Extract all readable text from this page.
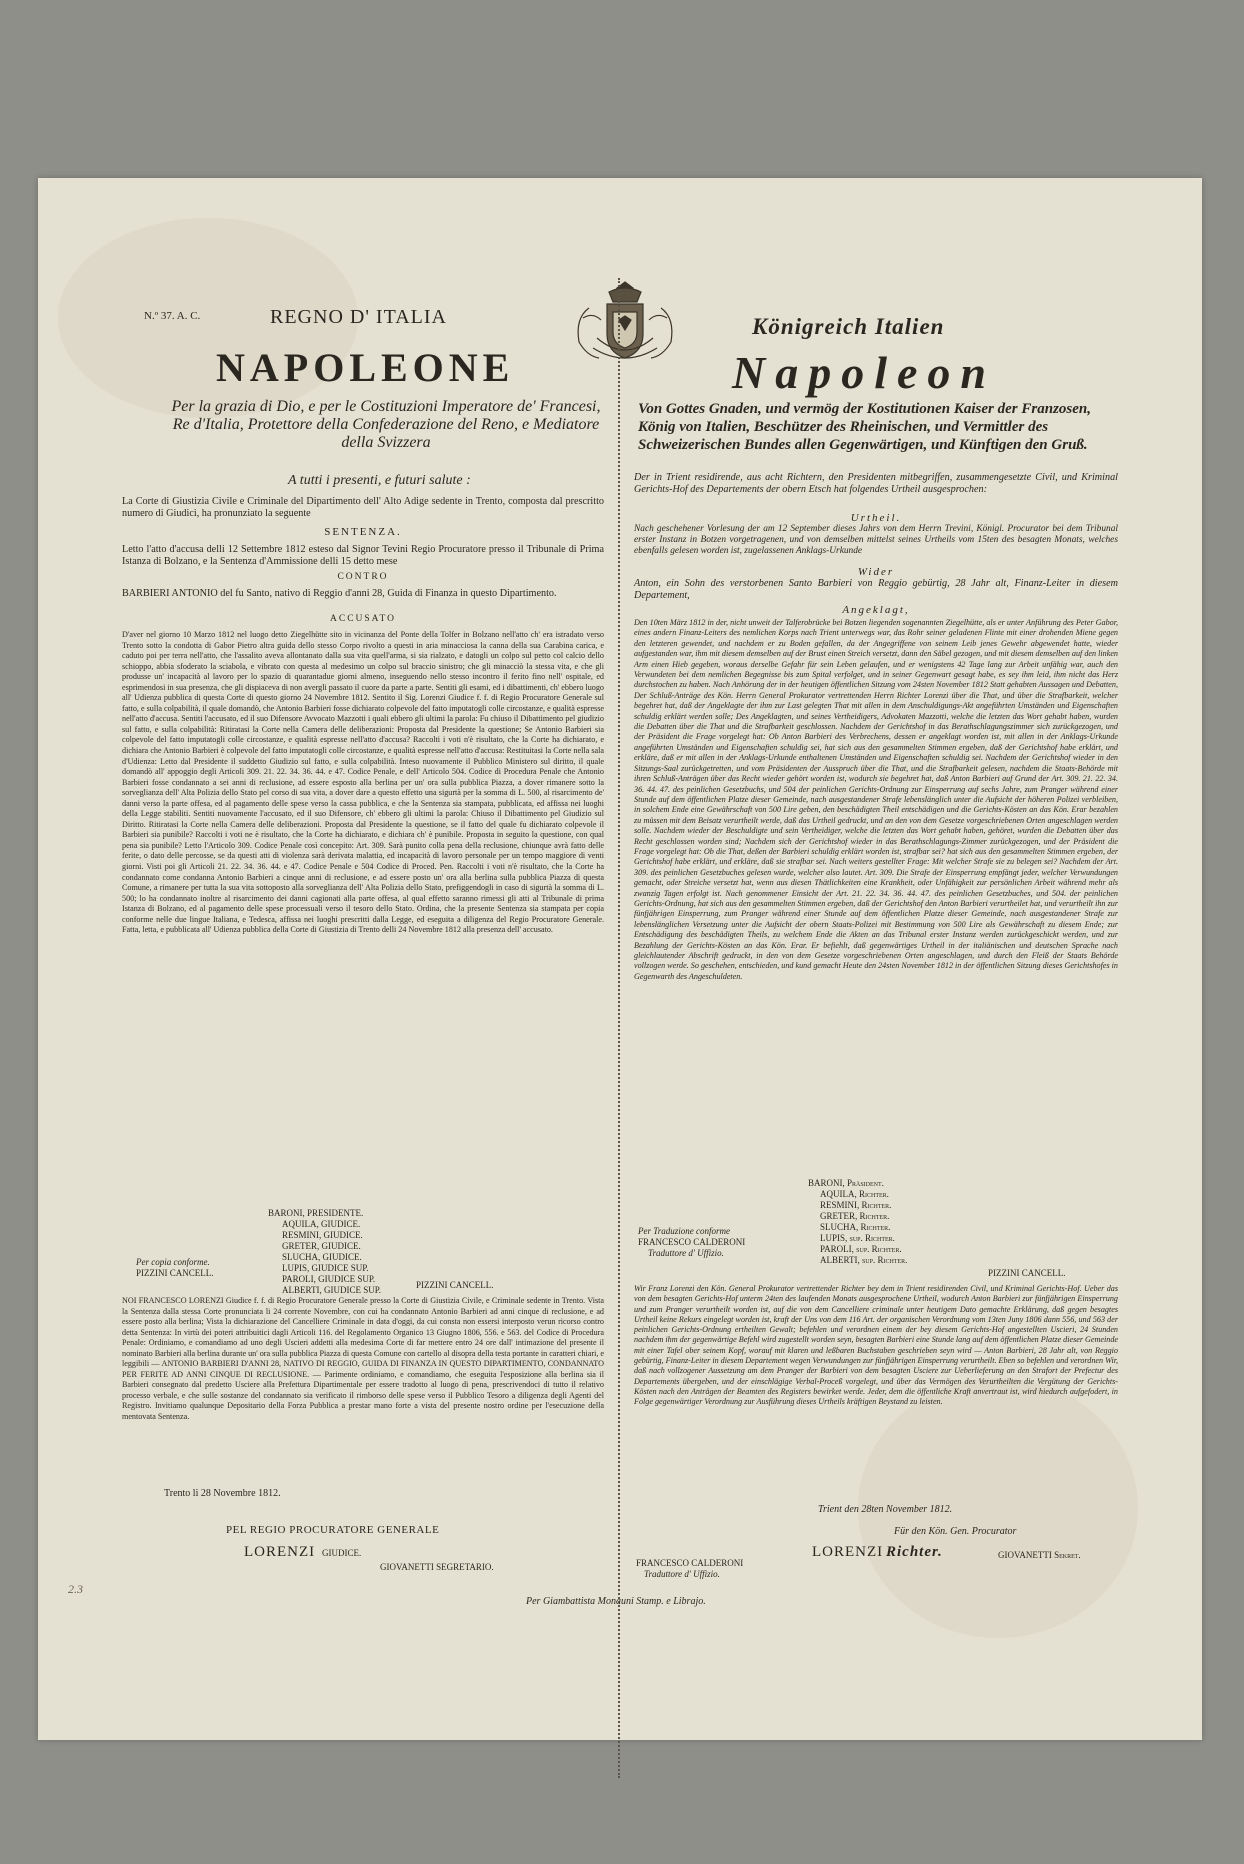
N.º 37. A. C.	REGNO D' ITALIA
NAPOLEONE
Per la grazia di Dio, e per le Costituzioni Imperatore de' Francesi, Re d'Italia, Protettore della Confederazione del Reno, e Mediatore della Svizzera
A tutti i presenti, e futuri salute :
Königreich Italien
Napoleon
Von Gottes Gnaden, und vermög der Kostitutionen Kaiser der Franzosen, König von Italien, Beschützer des Rheinischen, und Vermittler des Schweizerischen Bundes allen Gegenwärtigen, und Künftigen den Gruß.
La Corte di Giustizia Civile e Criminale del Dipartimento dell' Alto Adige sedente in Trento, composta dal prescritto numero di Giudici, ha pronunziato la seguente
SENTENZA.
Letto l'atto d'accusa delli 12 Settembre 1812 esteso dal Signor Tevini Regio Procuratore presso il Tribunale di Prima Istanza di Bolzano, e la Sentenza d'Ammissione delli 15 detto mese
CONTRO
BARBIERI ANTONIO del fu Santo, nativo di Reggio d'anni 28, Guida di Finanza in questo Dipartimento.
ACCUSATO
D'aver nel giorno 10 Marzo 1812 nel luogo detto Ziegelhütte sito in vicinanza del Ponte della Tolfer in Bolzano nell'atto ch' era istradato verso Trento sotto la condotta di Gabor Pietro altra guida dello stesso Corpo rivolto a questi in aria minacciosa la canna della sua Carabina carica, e caduto poi per terra nell'atto, che l'assalito aveva allontanato dalla sua vita quell'arma, si sia rialzato, e datogli un colpo sul petto col calcio dello schioppo, abbia sfoderato la sciabola, e vibrato con questa al medesimo un colpo sul braccio sinistro; che gli minacciò la stessa vita, e che gli produsse un' incapacità al lavoro per lo spazio di quarantadue giorni almeno, inseguendo nello stesso incontro il ferito fino nell' ospitale, ed esprimendosi in sua presenza, che gli dispiaceva di non avergli passato il cuore da parte a parte. Sentiti gli esami, ed i dibattimenti, ch' ebbero luogo all' Udienza pubblica di questa Corte di questo giorno 24 Novembre 1812. Sentito il Sig. Lorenzi Giudice f. f. di Regio Procuratore Generale sul fatto, e sulla colpabilità, il quale domandò, che Antonio Barbieri fosse dichiarato colpevole del fatto imputatogli colle circostanze, e qualità espresse nell'atto d'accusa. Sentiti l'accusato, ed il suo Difensore Avvocato Mazzotti i quali ebbero gli ultimi la parola: Fu chiuso il Dibattimento pel giudizio sul fatto, e sulla colpabilità: Ritiratasi la Corte nella Camera delle deliberazioni: Proposta dal Presidente la questione; Se Antonio Barbieri sia colpevole del fatto imputatogli colle circostanze, e qualità espresse nell'atto d'accusa? Raccolti i voti n'è risultato, che la Corte ha dichiarato, e dichiara che Antonio Barbieri è colpevole del fatto imputatogli colle circostanze, e qualità espresse nell'atto d'accusa: Restituitasi la Corte nella sala d'Udienza: Letto dal Presidente il suddetto Giudizio sul fatto, e sulla colpabilità. Inteso nuovamente il Pubblico Ministero sul diritto, il quale domandò all' appoggio degli Articoli 309. 21. 22. 34. 36. 44. e 47. Codice Penale, e dell' Articolo 504. Codice di Procedura Penale che Antonio Barbieri fosse condannato a sei anni di reclusione, ad essere esposto alla berlina per un' ora sulla pubblica Piazza, a dover rimanere sotto la sorveglianza dell' Alta Polizia dello Stato pel corso di sua vita, a dover dare a questo effetto una sigurtà per la somma di L. 500, al risarcimento de' danni verso la parte offesa, ed al pagamento delle spese verso la cassa pubblica, e che la Sentenza sia stampata, pubblicata, ed affissa nei luoghi della Legge stabiliti. Sentiti nuovamente l'accusato, ed il suo Difensore, ch' ebbero gli ultimi la parola: Chiuso il Dibattimento pel Giudizio sul Diritto. Ritiratasi la Corte nella Camera delle deliberazioni. Proposta dal Presidente la questione, se il fatto del quale fu dichiarato colpevole il Barbieri sia punibile? Raccolti i voti ne è risultato, che la Corte ha dichiarato, e dichiara ch' è punibile. Proposta in seguito la questione, con qual pena sia punibile? Letto l'Articolo 309. Codice Penale così concepito: Art. 309. Sarà punito colla pena della reclusione, chiunque avrà fatto delle ferite, o dato delle percosse, se da questi atti di violenza sarà derivata malattia, ed incapacità di lavoro personale per un tempo maggiore di venti giorni. Visti poi gli Articoli 21. 22. 34. 36. 44. e 47. Codice Penale e 504 Codice di Proced. Pen. Raccolti i voti n'è risultato, che la Corte ha condannato come condanna Antonio Barbieri a cinque anni di reclusione, e ad essere posto un' ora alla berlina sulla pubblica Piazza di questa Comune, a rimanere per tutta la sua vita sottoposto alla sorveglianza dell' Alta Polizia dello Stato, prefiggendogli in caso di sigurtà la somma di L. 500; lo ha condannato inoltre al risarcimento dei danni cagionati alla parte offesa, al qual effetto saranno rimessi gli atti al Tribunale di prima Istanza di Bolzano, ed al pagamento delle spese processuali verso il tesoro dello Stato. Ordina, che la presente Sentenza sia stampata per copia conforme nelle due lingue Italiana, e Tedesca, affissa nei luoghi prescritti dalla Legge, ed eseguita a diligenza del Regio Procuratore Generale. Fatta, letta, e pubblicata all' Udienza pubblica della Corte di Giustizia di Trento delli 24 Novembre 1812 alla presenza dell' accusato.
BARONI, PRESIDENTE.
AQUILA, GIUDICE.
RESMINI, GIUDICE.
GRETER, GIUDICE.
SLUCHA, GIUDICE.
LUPIS, GIUDICE SUP.
PAROLI, GIUDICE SUP.
ALBERTI, GIUDICE SUP.
Per copia conforme.
PIZZINI CANCELL.
PIZZINI CANCELL.
NOI FRANCESCO LORENZI Giudice f. f. di Regio Procuratore Generale presso la Corte di Giustizia Civile, e Criminale sedente in Trento. Vista la Sentenza dalla stessa Corte pronunciata li 24 corrente Novembre, con cui ha condannato Antonio Barbieri ad anni cinque di reclusione, e ad essere posto alla berlina; Vista la dichiarazione del Cancelliere Criminale in data d'oggi, da cui consta non essersi interposto verun ricorso contro detta Sentenza: In virtù dei poteri attribuitici dagli Articoli 116. del Regolamento Organico 13 Giugno 1806, 556. e 563. del Codice di Procedura Penale: Ordiniamo, e comandiamo ad uno degli Uscieri addetti alla medesima Corte di far mettere entro 24 ore dall' intimazione del presente il nominato Barbieri alla berlina durante un' ora sulla pubblica Piazza di questa Comune con cartello al disopra della testa portante in caratteri chiari, e leggibili — ANTONIO BARBIERI D'ANNI 28, NATIVO DI REGGIO, GUIDA DI FINANZA IN QUESTO DIPARTIMENTO, CONDANNATO PER FERITE AD ANNI CINQUE DI RECLUSIONE. — Parimente ordiniamo, e comandiamo, che eseguita l'esposizione alla berlina sia il Barbieri consegnato dal predetto Usciere alla Prefettura Dipartimentale per essere tradotto al luogo di pena, prescrivendoci di tutto il relativo processo verbale, e che sulle sostanze del condannato sia verificato il rimborso delle spese verso il Pubblico Tesoro a diligenza degli Agenti del Registro. Invitiamo qualunque Depositario della Forza Pubblica a prestar mano forte a vista del presente nostro ordine per l'esecuzione della mentovata Sentenza.
Trento li 28 Novembre 1812.
PEL REGIO PROCURATORE GENERALE
LORENZI GIUDICE.
GIOVANETTI SEGRETARIO.
Der in Trient residirende, aus acht Richtern, den Presidenten mitbegriffen, zusammengesetzte Civil, und Kriminal Gerichts-Hof des Departements der obern Etsch hat folgendes Urtheil ausgesprochen:
Urtheil.
Nach geschehener Vorlesung der am 12 September dieses Jahrs von dem Herrn Trevini, Königl. Procurator bei dem Tribunal erster Instanz in Botzen vorgetragenen, und von demselben mittelst seines Urtheils vom 15ten des besagten Monats, welches ebenfalls gelesen worden ist, zugelassenen Anklags-Urkunde
Wider
Anton, ein Sohn des verstorbenen Santo Barbieri von Reggio gebürtig, 28 Jahr alt, Finanz-Leiter in diesem Departement,
Angeklagt,
Den 10ten März 1812 in der, nicht unweit der Talferobrücke bei Botzen liegenden sogenannten Ziegelhütte, als er unter Anführung des Peter Gabor, eines andern Finanz-Leiters des nemlichen Korps nach Trient unterwegs war, das Rohr seiner geladenen Flinte mit einer drohenden Miene gegen den letzteren gewendet, und nachdem er zu Boden gefallen, da der Angegriffene von seinem Leib jenes Gewehr abgewendet hatte, wieder aufgestanden war, ihm mit diesem demselben auf der Brust einen Streich versetzt, dann den Säbel gezogen, und mit diesem demselben auf den linken Arm einen Hieb gegeben, woraus derselbe Gefahr für sein Leben gelaufen, und er wenigstens 42 Tage lang zur Arbeit unfähig war, auch den Verwundeten bei dem nemlichen Begegnisse bis zum Spital verfolget, und in seiner Gegenwart gesagt habe, es sey ihm leid, ihm nicht das Herz durchstochen zu haben. Nach Anhörung der in der heutigen öffentlichen Sitzung vom 24sten November 1812 Statt gehabten Aussagen und Debatten, Der Schluß-Anträge des Kön. Herrn General Prokurator vertrettenden Herrn Richter Lorenzi über die That, und über die Strafbarkeit, welcher begehret hat, daß der Angeklagte der ihm zur Last gelegten That mit allen in dem Anschuldigungs-Akt angeführten Umständen und Eigenschaften schuldig erklärt werden solle; Des Angeklagten, und seines Vertheidigers, Advokaten Mazzotti, welche die letzten das Wort gehabt haben, wurden die Debatten über die That und die Strafbarkeit geschlossen. Nachdem der Gerichtshof in das Berathschlagungszimmer sich zurückgezogen, und der Präsident die Frage vorgelegt hat: Ob Anton Barbieri des Verbrechens, dessen er angeklagt worden ist, mit allen in der Anklags-Urkunde angeführten Umständen und Eigenschaften schuldig sei, hat sich aus den gesammelten Stimmen ergeben, daß der Gerichtshof habe erklärt, und erkläre, daß er mit allen in der Anklags-Urkunde enthaltenen Umständen und Eigenschaften schuldig sei. Nachdem der Gerichtshof wieder in den Sitzungs-Saal zurückgetretten, und vom Präsidenten der Ausspruch über die That, und die Strafbarkeit gelesen, nachdem die Staats-Behörde mit ihren Schluß-Anträgen über das Recht wieder gehört worden ist, wodurch sie begehret hat, daß Anton Barbieri auf Grund der Art. 309. 21. 22. 34. 36. 44. 47. des peinlichen Gesetzbuchs, und 504 der peinlichen Gerichts-Ordnung zur Einsperrung auf sechs Jahre, zum Pranger während einer Stunde auf dem öffentlichen Platze dieser Gemeinde, nach ausgestandener Strafe lebenslänglich unter die Aufsicht der höheren Polizei verbleiben, in solchem Ende eine Gewährschaft von 500 Lire geben, den beschädigten Theil entschädigen und die Gerichts-Kösten an das Kön. Erar bezahlen zu müssen mit dem Beisatz verurtheilt werde, daß das Urtheil gedruckt, und an den von dem Gesetze vorgeschriebenen Orten angeschlagen werden solle. Nachdem wieder der Beschuldigte und sein Vertheidiger, welche die letzten das Wort gehabt haben, gehöret, wurden die Debatten über das Recht geschlossen worden sind; Nachdem sich der Gerichtshof wieder in das Berathschlagungs-Zimmer zurückgezogen, und der Präsident die Frage vorgelegt hat: Ob die That, deßen der Barbieri schuldig erklärt worden ist, strafbar sei? hat sich aus den gesammelten Stimmen ergeben, der Gerichtshof habe erklärt, und erkläre, daß sie strafbar sei. Nach weiters gestellter Frage: Mit welcher Strafe sie zu belegen sei? Nachdem der Art. 309. des peinlichen Gesetzbuches gelesen wurde, welcher also lautet. Art. 309. Die Strafe der Einsperrung empfängt jeder, welcher Verwundungen gemacht, oder Streiche versetzt hat, wenn aus diesen Thätlichkeiten eine Krankheit, oder Unfähigkeit zur persönlichen Arbeit während mehr als zwanzig Tagen erfolgt ist. Nach genommener Einsicht der Art. 21. 22. 34. 36. 44. 47. des peinlichen Gesetzbuches, und 504. der peinlichen Gerichts-Ordnung, hat sich aus den gesammelten Stimmen ergeben, daß der Gerichtshof den Anton Barbieri verurtheilet hat, und verurtheilt ihn zur fünfjährigen Einsperrung, zum Pranger während einer Stunde auf dem öffentlichen Platze dieser Gemeinde, nach ausgestandener Strafe zur lebenslänglichen Versetzung unter die Aufsicht der obern Staats-Polizei mit Bestimmung von 500 Lire als Gewährschaft zu diesem Ende; zur Entschädigung des beschädigten Theils, zu welchem Ende die Akten an das Tribunal erster Instanz werden zurückgeschickt werden, und zur Bezahlung der Gerichts-Kösten an das Kön. Erar. Er befiehlt, daß gegenwärtiges Urtheil in der italiänischen und deutschen Sprache nach gleichlautender Abschrift gedruckt, in den von dem Gesetze vorgeschriebenen Orten angeschlagen, und durch den Fleiß der Staats Behörde vollzogen werde. So geschehen, entschieden, und kund gemacht Heute den 24sten November 1812 in der öffentlichen Sitzung dieses Gerichtshofes in Gegenwarth des Angeschuldeten.
BARONI, Präsident.
AQUILA, Richter.
RESMINI, Richter.
GRETER, Richter.
SLUCHA, Richter.
LUPIS, sup. Richter.
PAROLI, sup. Richter.
ALBERTI, sup. Richter.
Per Traduzione conforme
FRANCESCO CALDERONI
Traduttore d' Uffizio.
PIZZINI CANCELL.
Wir Franz Lorenzi den Kön. General Prokurator vertrettender Richter bey dem in Trient residirenden Civil, und Kriminal Gerichts-Hof. Ueber das von dem besagten Gerichts-Hof unterm 24ten des laufenden Monats ausgesprochene Urtheil, wodurch Anton Barbieri zur fünfjährigen Einsperrung und zum Pranger verurtheilt worden ist, auf die von dem Cancelliere criminale unter heutigem Dato gemachte Erklärung, daß gegen besagtes Urtheil keine Rekurs eingelegt worden ist, kraft der Uns von dem 116 Art. der organischen Verordnung vom 13ten Juny 1806 dann 556, und 563 der peinlichen Gerichts-Ordnung ertheilten Gewalt; befehlen und verordnen einem der bey diesem Gerichts-Hof angestellten Uscieri, 24 Stunden nachdem ihm der gegenwärtige Befehl wird zugestellt worden seyn, besagten Barbieri eine Stunde lang auf dem öffentlichen Platze dieser Gemeinde mit einer Tafel ober seinem Kopf, worauf mit klaren und leßbaren Buchstaben geschrieben seyn wird — Anton Barbieri, 28 Jahr alt, von Reggio gebürtig, Finanz-Leiter in diesem Departement wegen Verwundungen zur fünfjährigen Einsperrung verurtheilt. Eben so befehlen und verordnen Wir, daß nach vollzogener Aussetzung am dem Pranger der Barbieri von dem besagten Usciere zur Ueberlieferung an den Strafort der Prefectur des Departements übergeben, und der einschlägige Verbal-Proceß vorgelegt, und über das Vermögen des Verurtheilten die Vergütung der Gerichts-Kösten nach den Anträgen der Beamten des Registers bewirket werde. Jeder, dem die öffentliche Kraft anvertraut ist, wird hiedurch aufgefodert, in Folge gegenwärtiger Verordnung zur Ausführung dieses Urtheils kräftigen Beystand zu leisten.
Trient den 28ten November 1812.
Für den Kön. Gen. Procurator
LORENZI Richter.	GIOVANETTI Sekret.
FRANCESCO CALDERONI
Traduttore d' Uffizio.
Per Giambattista Monauni Stamp. e Librajo.
2.3
